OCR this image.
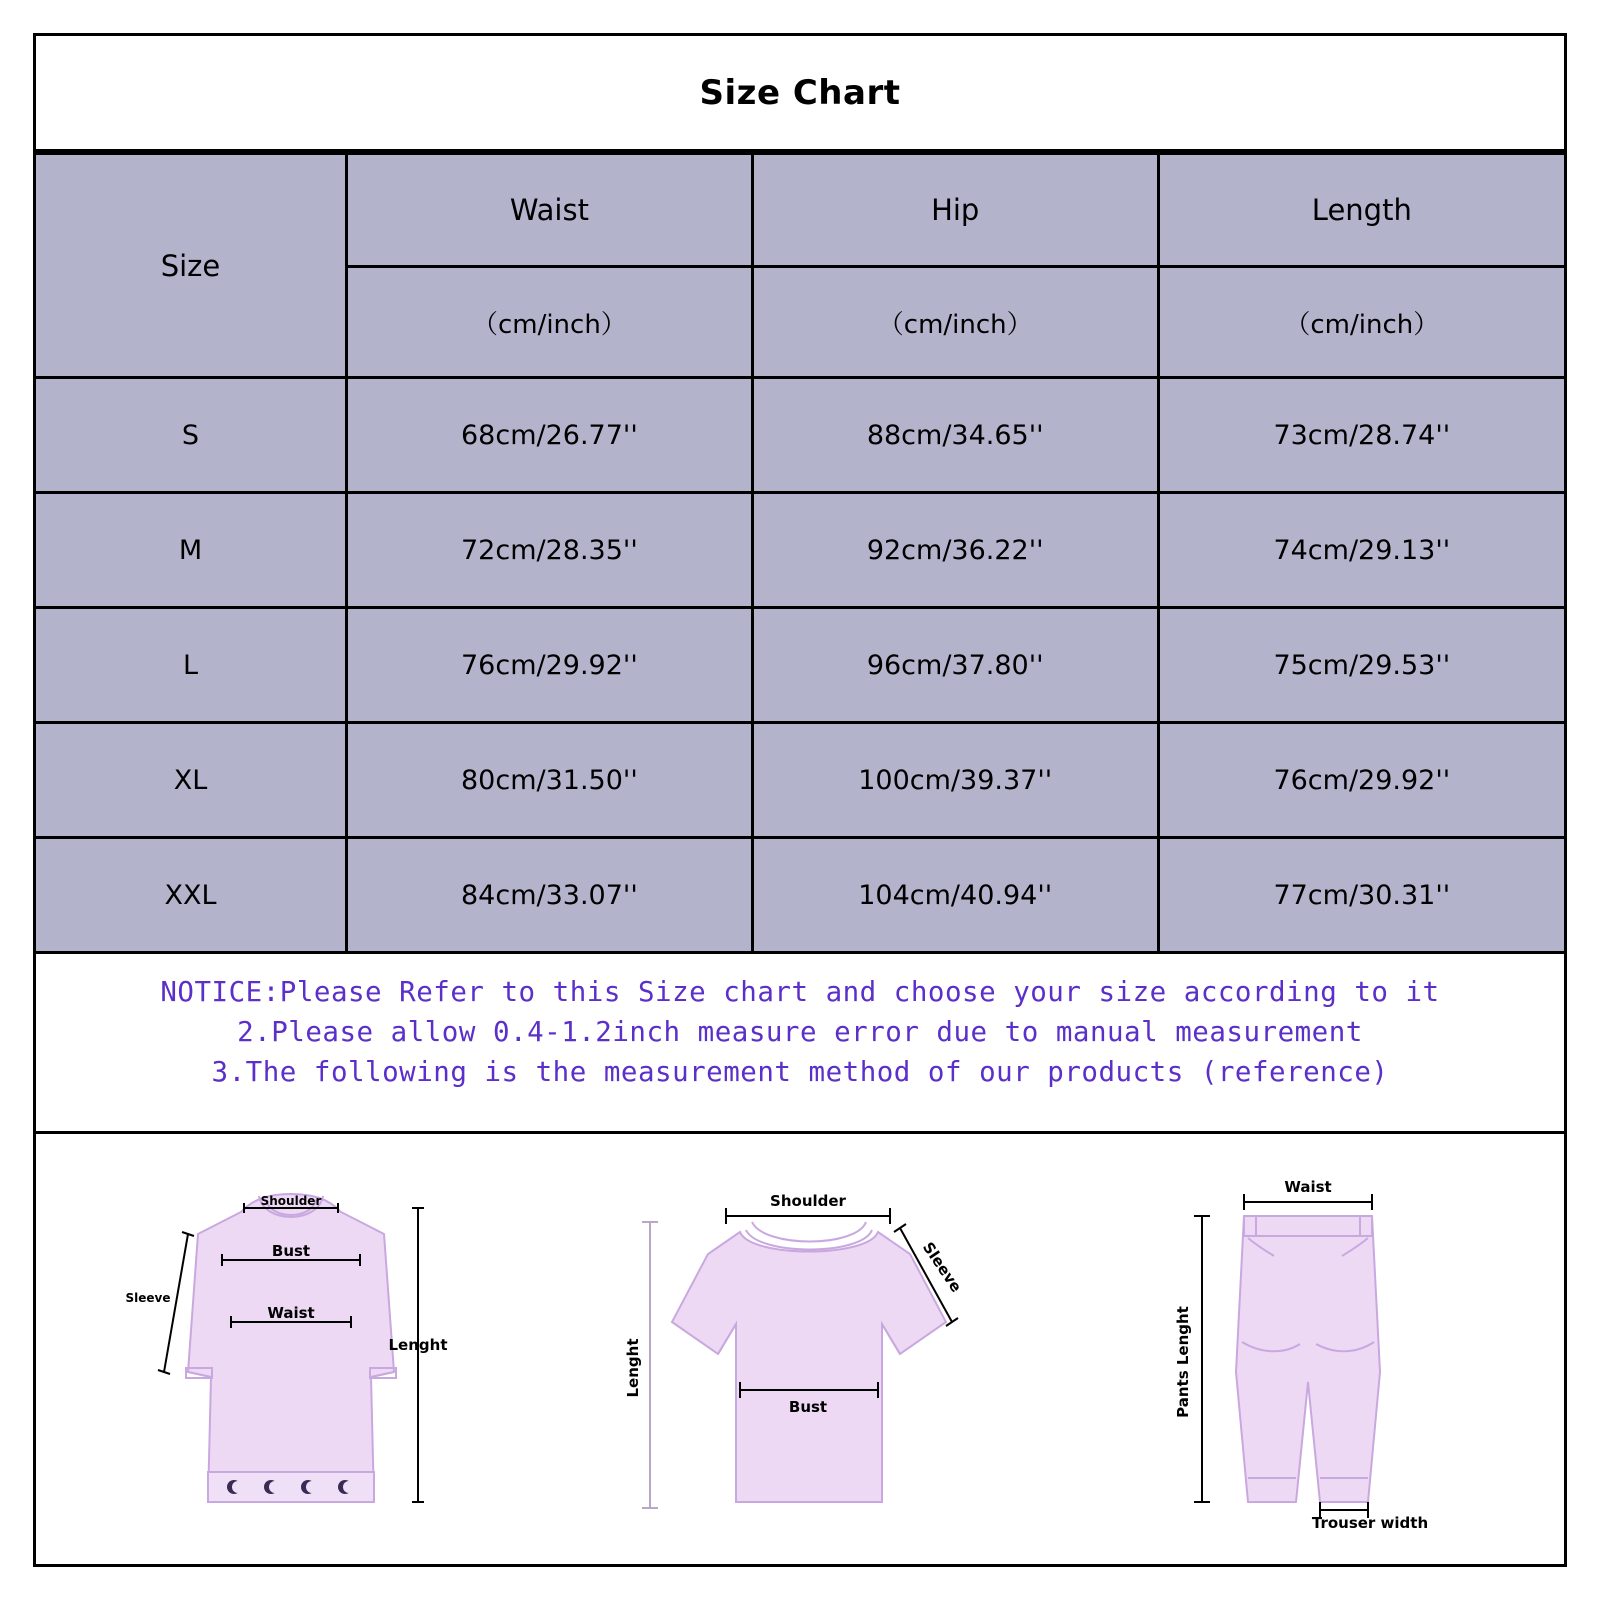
Size Chart
Size	Waist	Hip	Length
	（cm/inch）	（cm/inch）	（cm/inch）
S	68cm/26.77''	88cm/34.65''	73cm/28.74''
M	72cm/28.35''	92cm/36.22''	74cm/29.13''
L	76cm/29.92''	96cm/37.80''	75cm/29.53''
XL	80cm/31.50''	100cm/39.37''	76cm/29.92''
XXL	84cm/33.07''	104cm/40.94''	77cm/30.31''

NOTICE:Please Refer to this Size chart and choose your size according to it

2.Please allow 0.4-1.2inch measure error due to manual measurement

3.The following is the measurement method of our products (reference)

Shoulder
Bust
Waist
Sleeve
Lenght
Shoulder
Sleeve
Bust
Lenght
Waist
Pants Lenght
Trouser width
